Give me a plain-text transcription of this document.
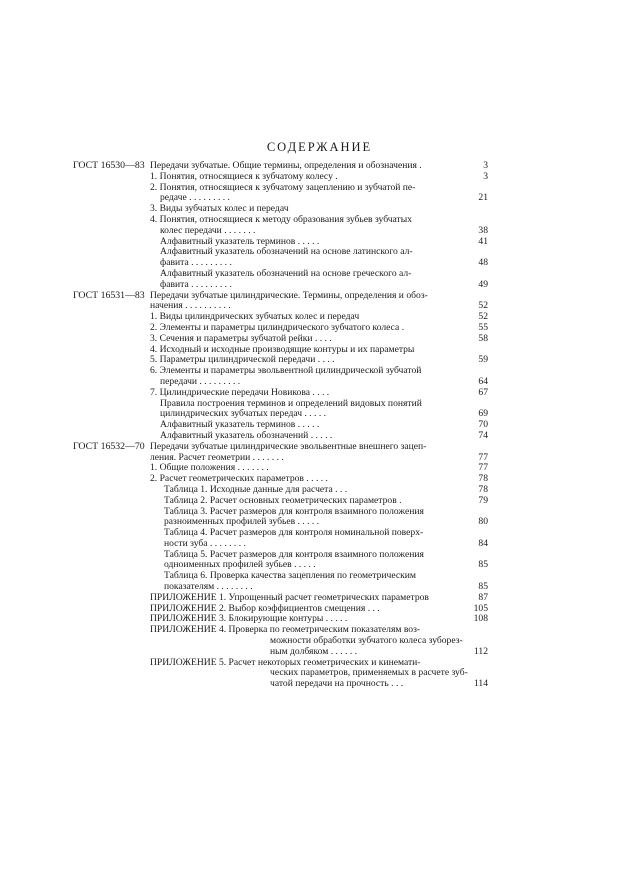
СОДЕРЖАНИЕ
ГОСТ 16530—83 Передачи зубчатые. Общие термины, определения и обозначения .	3
1. Понятия, относящиеся к зубчатому колесу .	3
2. Понятия, относящиеся к зубчатому зацеплению и зубчатой пе-
редаче . . . . . . . . .	21
3. Виды зубчатых колес и передач
4. Понятия, относящиеся к методу образования зубьев зубчатых
колес передачи . . . . . . .	38
Алфавитный указатель терминов . . . . .	41
Алфавитный указатель обозначений на основе латинского ал-
фавита . . . . . . . . .	48
Алфавитный указатель обозначений на основе греческого ал-
фавита . . . . . . . . .	49
ГОСТ 16531—83 Передачи зубчатые цилиндрические. Термины, определения и обоз-
начения . . . . . . . . . .	52
1. Виды цилиндрических зубчатых колес и передач	52
2. Элементы и параметры цилиндрического зубчатого колеса .	55
3. Сечения и параметры зубчатой рейки . . . .	58
4. Исходный и исходные производящие контуры и их параметры
5. Параметры цилиндрической передачи . . . .	59
6. Элементы и параметры эвольвентной цилиндрической зубчатой
передачи . . . . . . . . .	64
7. Цилиндрические передачи Новикова . . . .	67
Правила построения терминов и определений видовых понятий
цилиндрических зубчатых передач . . . . .	69
Алфавитный указатель терминов . . . . .	70
Алфавитный указатель обозначений . . . . .	74
ГОСТ 16532—70 Передачи зубчатые цилиндрические эвольвентные внешнего зацеп-
ления. Расчет геометрии . . . . . . .	77
1. Общие положения . . . . . . .	77
2. Расчет геометрических параметров . . . . .	78
Таблица 1. Исходные данные для расчета . . .	78
Таблица 2. Расчет основных геометрических параметров .	79
Таблица 3. Расчет размеров для контроля взаимного положения
разноименных профилей зубьев . . . . .	80
Таблица 4. Расчет размеров для контроля номинальной поверх-
ности зуба . . . . . . . .	84
Таблица 5. Расчет размеров для контроля взаимного положения
одноименных профилей зубьев . . . . .	85
Таблица 6. Проверка качества зацепления по геометрическим
показателям . . . . . . . .	85
ПРИЛОЖЕНИЕ 1. Упрощенный расчет геометрических параметров	87
ПРИЛОЖЕНИЕ 2. Выбор коэффициентов смещения . . .	105
ПРИЛОЖЕНИЕ 3. Блокирующие контуры . . . . .	108
ПРИЛОЖЕНИЕ 4. Проверка по геометрическим показателям воз-
можности обработки зубчатого колеса зуборез-
ным долбяком . . . . . .	112
ПРИЛОЖЕНИЕ 5. Расчет некоторых геометрических и кинемати-
ческих параметров, применяемых в расчете зуб-
чатой передачи на прочность . . .	114
